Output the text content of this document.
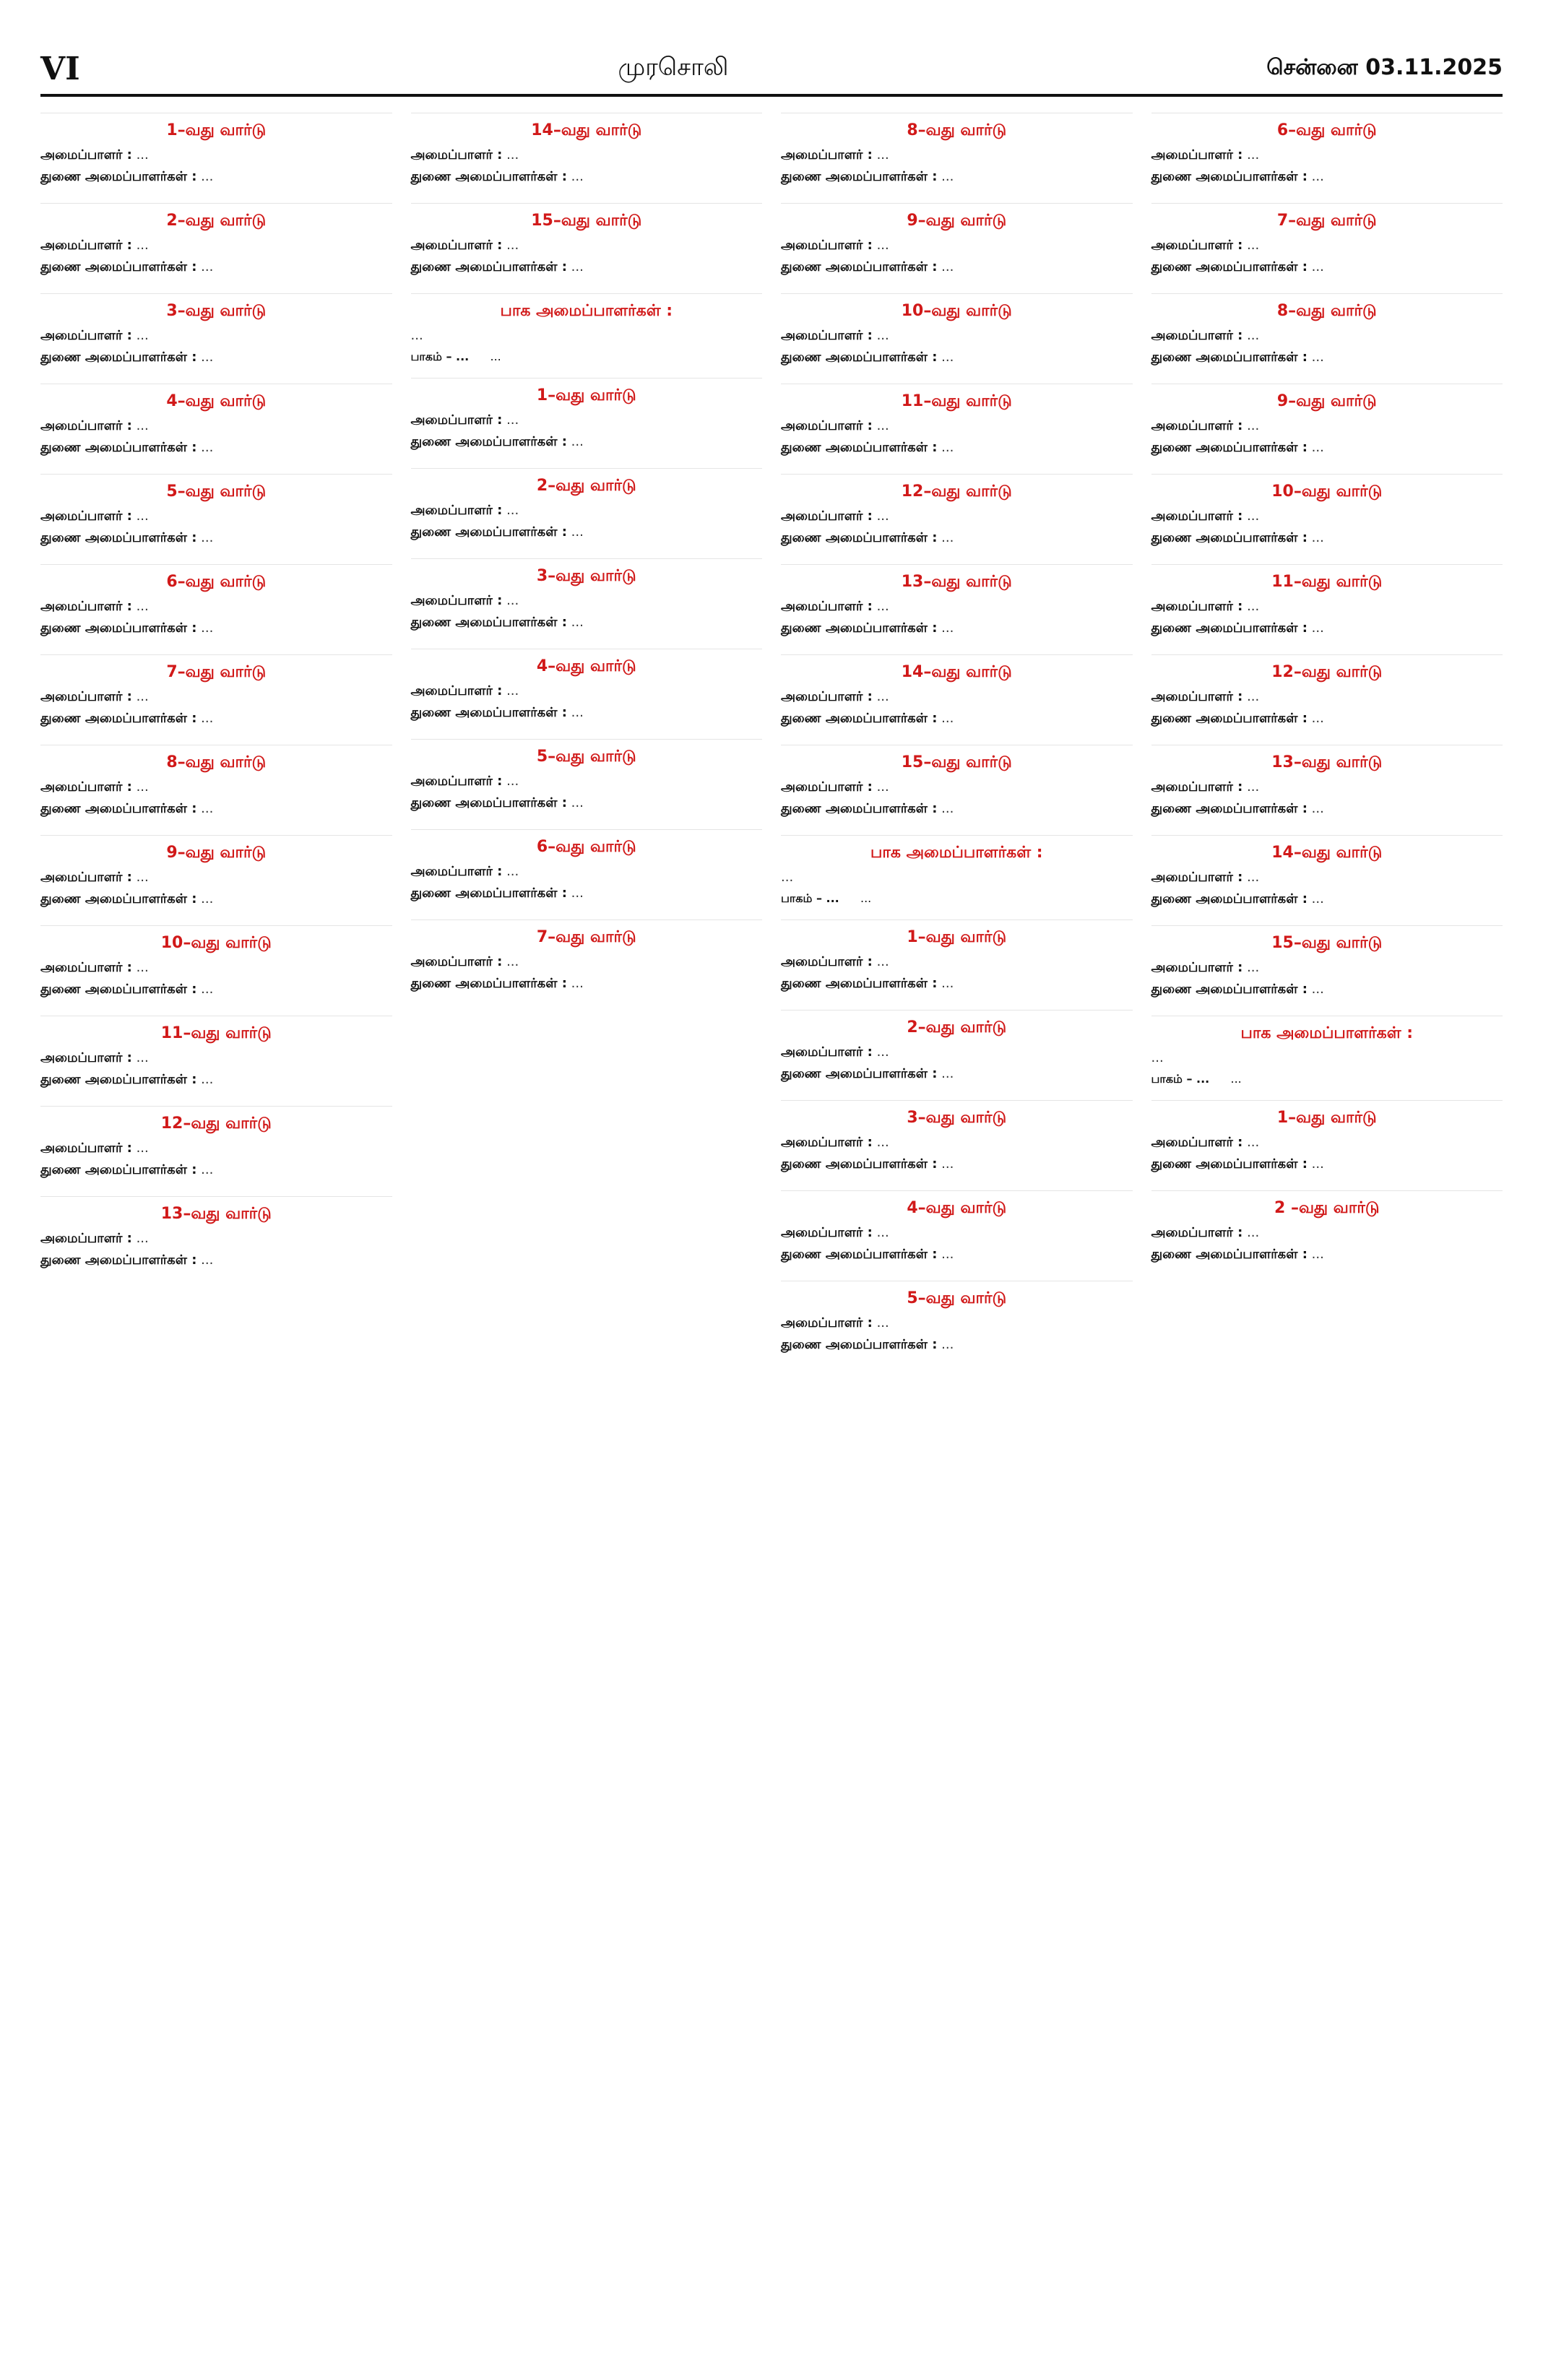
VI	முரசொலி	சென்னை 03.11.2025
1–வது வார்டு
அமைப்பாளர் : ...
துணை அமைப்பாளர்கள் : ...
2–வது வார்டு
அமைப்பாளர் : ...
துணை அமைப்பாளர்கள் : ...
3–வது வார்டு
அமைப்பாளர் : ...
துணை அமைப்பாளர்கள் : ...
4–வது வார்டு
அமைப்பாளர் : ...
துணை அமைப்பாளர்கள் : ...
5–வது வார்டு
அமைப்பாளர் : ...
துணை அமைப்பாளர்கள் : ...
6–வது வார்டு
அமைப்பாளர் : ...
துணை அமைப்பாளர்கள் : ...
7–வது வார்டு
அமைப்பாளர் : ...
துணை அமைப்பாளர்கள் : ...
8–வது வார்டு
அமைப்பாளர் : ...
துணை அமைப்பாளர்கள் : ...
9–வது வார்டு
அமைப்பாளர் : ...
துணை அமைப்பாளர்கள் : ...
10–வது வார்டு
அமைப்பாளர் : ...
துணை அமைப்பாளர்கள் : ...
11–வது வார்டு
அமைப்பாளர் : ...
துணை அமைப்பாளர்கள் : ...
12–வது வார்டு
அமைப்பாளர் : ...
துணை அமைப்பாளர்கள் : ...
13–வது வார்டு
அமைப்பாளர் : ...
துணை அமைப்பாளர்கள் : ...
14–வது வார்டு
அமைப்பாளர் : ...
துணை அமைப்பாளர்கள் : ...
15–வது வார்டு
அமைப்பாளர் : ...
துணை அமைப்பாளர்கள் : ...
பாக அமைப்பாளர்கள் :
...
பாகம் – ...	...
1–வது வார்டு
அமைப்பாளர் : ...
துணை அமைப்பாளர்கள் : ...
2–வது வார்டு
அமைப்பாளர் : ...
துணை அமைப்பாளர்கள் : ...
3–வது வார்டு
அமைப்பாளர் : ...
துணை அமைப்பாளர்கள் : ...
4–வது வார்டு
அமைப்பாளர் : ...
துணை அமைப்பாளர்கள் : ...
5–வது வார்டு
அமைப்பாளர் : ...
துணை அமைப்பாளர்கள் : ...
6–வது வார்டு
அமைப்பாளர் : ...
துணை அமைப்பாளர்கள் : ...
7–வது வார்டு
அமைப்பாளர் : ...
துணை அமைப்பாளர்கள் : ...
8–வது வார்டு
அமைப்பாளர் : ...
துணை அமைப்பாளர்கள் : ...
9–வது வார்டு
அமைப்பாளர் : ...
துணை அமைப்பாளர்கள் : ...
10–வது வார்டு
அமைப்பாளர் : ...
துணை அமைப்பாளர்கள் : ...
11–வது வார்டு
அமைப்பாளர் : ...
துணை அமைப்பாளர்கள் : ...
12–வது வார்டு
அமைப்பாளர் : ...
துணை அமைப்பாளர்கள் : ...
13–வது வார்டு
அமைப்பாளர் : ...
துணை அமைப்பாளர்கள் : ...
14–வது வார்டு
அமைப்பாளர் : ...
துணை அமைப்பாளர்கள் : ...
15–வது வார்டு
அமைப்பாளர் : ...
துணை அமைப்பாளர்கள் : ...
பாக அமைப்பாளர்கள் :
...
பாகம் – ...	...
1–வது வார்டு
அமைப்பாளர் : ...
துணை அமைப்பாளர்கள் : ...
2–வது வார்டு
அமைப்பாளர் : ...
துணை அமைப்பாளர்கள் : ...
3–வது வார்டு
அமைப்பாளர் : ...
துணை அமைப்பாளர்கள் : ...
4–வது வார்டு
அமைப்பாளர் : ...
துணை அமைப்பாளர்கள் : ...
5–வது வார்டு
அமைப்பாளர் : ...
துணை அமைப்பாளர்கள் : ...
6–வது வார்டு
அமைப்பாளர் : ...
துணை அமைப்பாளர்கள் : ...
7–வது வார்டு
அமைப்பாளர் : ...
துணை அமைப்பாளர்கள் : ...
8–வது வார்டு
அமைப்பாளர் : ...
துணை அமைப்பாளர்கள் : ...
9–வது வார்டு
அமைப்பாளர் : ...
துணை அமைப்பாளர்கள் : ...
10–வது வார்டு
அமைப்பாளர் : ...
துணை அமைப்பாளர்கள் : ...
11–வது வார்டு
அமைப்பாளர் : ...
துணை அமைப்பாளர்கள் : ...
12–வது வார்டு
அமைப்பாளர் : ...
துணை அமைப்பாளர்கள் : ...
13–வது வார்டு
அமைப்பாளர் : ...
துணை அமைப்பாளர்கள் : ...
14–வது வார்டு
அமைப்பாளர் : ...
துணை அமைப்பாளர்கள் : ...
15–வது வார்டு
அமைப்பாளர் : ...
துணை அமைப்பாளர்கள் : ...
பாக அமைப்பாளர்கள் :
...
பாகம் – ...	...
1–வது வார்டு
அமைப்பாளர் : ...
துணை அமைப்பாளர்கள் : ...
2 –வது வார்டு
அமைப்பாளர் : ...
துணை அமைப்பாளர்கள் : ...
